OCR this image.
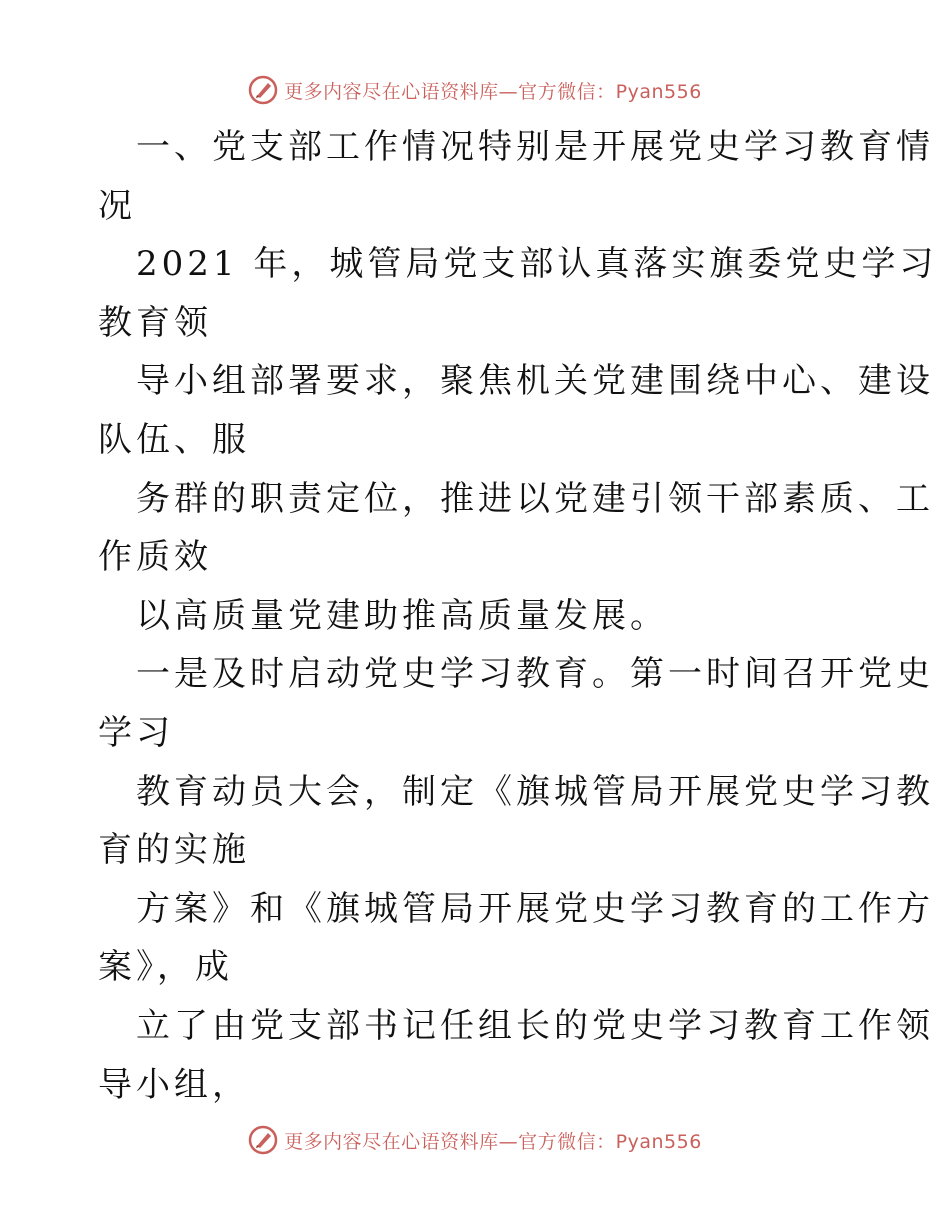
更多内容尽在心语资料库—官方微信：Pyan556
一、党支部工作情况特别是开展党史学习教育情
况
2021 年，城管局党支部认真落实旗委党史学习
教育领
导小组部署要求，聚焦机关党建围绕中心、建设
队伍、服
务群的职责定位，推进以党建引领干部素质、工
作质效
以高质量党建助推高质量发展。
一是及时启动党史学习教育。第一时间召开党史
学习
教育动员大会，制定《旗城管局开展党史学习教
育的实施
方案》和《旗城管局开展党史学习教育的工作方
案》，成
立了由党支部书记任组长的党史学习教育工作领
导小组，
更多内容尽在心语资料库—官方微信：Pyan556
